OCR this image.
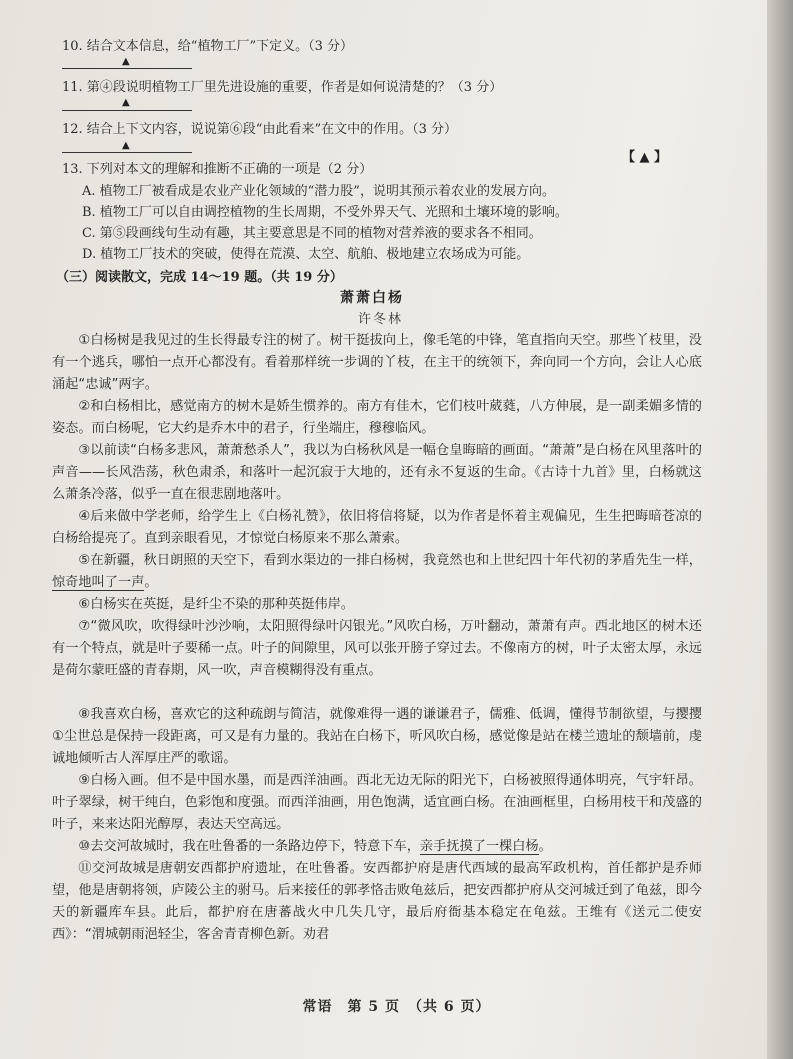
10. 结合文本信息，给“植物工厂”下定义。（3 分）
▲
11. 第④段说明植物工厂里先进设施的重要，作者是如何说清楚的？（3 分）
▲
12. 结合上下文内容，说说第⑥段“由此看来”在文中的作用。（3 分）
▲
13. 下列对本文的理解和推断不正确的一项是（2 分）
【 ▲ 】
A. 植物工厂被看成是农业产业化领域的“潜力股”，说明其预示着农业的发展方向。
B. 植物工厂可以自由调控植物的生长周期，不受外界天气、光照和土壤环境的影响。
C. 第⑤段画线句生动有趣，其主要意思是不同的植物对营养液的要求各不相同。
D. 植物工厂技术的突破，使得在荒漠、太空、航舶、极地建立农场成为可能。
（三）阅读散文，完成 14～19 题。（共 19 分）
萧萧白杨
许冬林
①白杨树是我见过的生长得最专注的树了。树干挺拔向上，像毛笔的中锋，笔直指向天空。那些丫枝里，没有一个逃兵，哪怕一点开心都没有。看着那样统一步调的丫枝，在主干的统领下，奔向同一个方向，会让人心底涌起“忠诚”两字。
②和白杨相比，感觉南方的树木是娇生惯养的。南方有佳木，它们枝叶葳蕤，八方伸展，是一副柔媚多情的姿态。而白杨呢，它大约是乔木中的君子，行坐端庄，穆穆临风。
③以前读“白杨多悲风，萧萧愁杀人”，我以为白杨秋风是一幅仓皇晦暗的画面。“萧萧”是白杨在风里落叶的声音——长风浩荡，秋色肃杀，和落叶一起沉寂于大地的，还有永不复返的生命。《古诗十九首》里，白杨就这么萧条冷落，似乎一直在很悲剧地落叶。
④后来做中学老师，给学生上《白杨礼赞》，依旧将信将疑，以为作者是怀着主观偏见，生生把晦暗苍凉的白杨给提亮了。直到亲眼看见，才惊觉白杨原来不那么萧索。
⑤在新疆，秋日朗照的天空下，看到水渠边的一排白杨树，我竟然也和上世纪四十年代初的茅盾先生一样，惊奇地叫了一声。
⑥白杨实在英挺，是纤尘不染的那种英挺伟岸。
⑦“微风吹，吹得绿叶沙沙响，太阳照得绿叶闪银光。”风吹白杨，万叶翻动，萧萧有声。西北地区的树木还有一个特点，就是叶子要稀一点。叶子的间隙里，风可以张开膀子穿过去。不像南方的树，叶子太密太厚，永远是荷尔蒙旺盛的青春期，风一吹，声音模糊得没有重点。
⑧我喜欢白杨，喜欢它的这种疏朗与简洁，就像难得一遇的谦谦君子，儒雅、低调，懂得节制欲望，与撄撄①尘世总是保持一段距离，可又是有力量的。我站在白杨下，听风吹白杨，感觉像是站在楼兰遗址的颓墙前，虔诚地倾听古人浑厚庄严的歌谣。
⑨白杨入画。但不是中国水墨，而是西洋油画。西北无边无际的阳光下，白杨被照得通体明亮，气宇轩昂。叶子翠绿，树干纯白，色彩饱和度强。而西洋油画，用色饱满，适宜画白杨。在油画框里，白杨用枝干和茂盛的叶子，来来达阳光醇厚，表达天空高远。
⑩去交河故城时，我在吐鲁番的一条路边停下，特意下车，亲手抚摸了一棵白杨。
⑪交河故城是唐朝安西都护府遗址，在吐鲁番。安西都护府是唐代西域的最高军政机构，首任都护是乔师望，他是唐朝将领，庐陵公主的驸马。后来接任的郭孝恪击败龟兹后，把安西都护府从交河城迁到了龟兹，即今天的新疆库车县。此后，都护府在唐蕃战火中几失几守，最后府衙基本稳定在龟兹。王维有《送元二使安西》：“渭城朝雨浥轻尘，客舍青青柳色新。劝君
常语　第 5 页　（共 6 页）
